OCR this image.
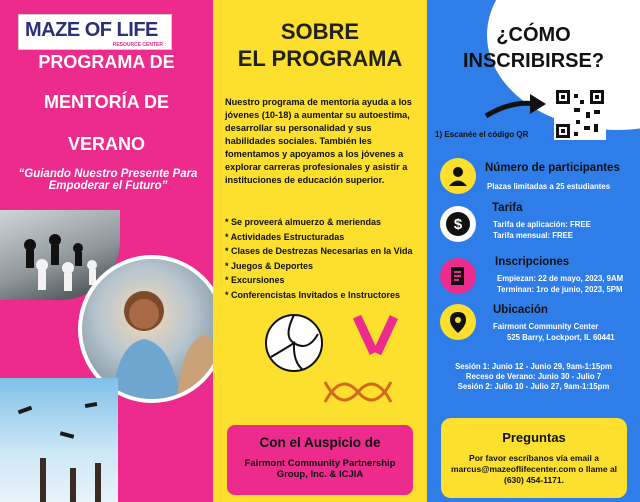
MAZE OF LIFE
RESOURCE CENTER
PROGRAMA DE
MENTORÍA DE
VERANO
“Guiando Nuestro Presente Para Empoderar el Futuro”
SOBRE
EL PROGRAMA
Nuestro programa de mentoría ayuda a los jóvenes (10-18) a aumentar su autoestima, desarrollar su personalidad y sus habilidades sociales. También les fomentamos y apoyamos a los jóvenes a explorar carreras profesionales y asistir a instituciones de educación superior.
* Se proveerá almuerzo & meriendas
* Actividades Estructuradas
* Clases de Destrezas Necesarias en la Vida
* Juegos & Deportes
* Excursiones
* Conferencistas Invitados e Instructores
Con el Auspicio de
Fairmont Community Partnership Group, Inc. & ICJIA
¿CÓMO
INSCRIBIRSE?
1) Escanée el código QR
Número de participantes
Plazas limitadas a 25 estudiantes
$
Tarifa
Tarifa de aplicación: FREE
Tarifa mensual: FREE
Inscripciones
Empiezan: 22 de mayo, 2023, 9AM
Terminan: 1ro de junio, 2023, 5PM
Ubicación
Fairmont Community Center
525 Barry, Lockport, IL 60441
Sesión 1: Junio 12 - Junio 29, 9am-1:15pm
Receso de Verano: Junio 30 - Julio 7
Sesión 2: Julio 10 - Julio 27, 9am-1:15pm
Preguntas
Por favor escríbanos vía email a marcus@mazeoflifecenter.com o llame al (630) 454-1171.
